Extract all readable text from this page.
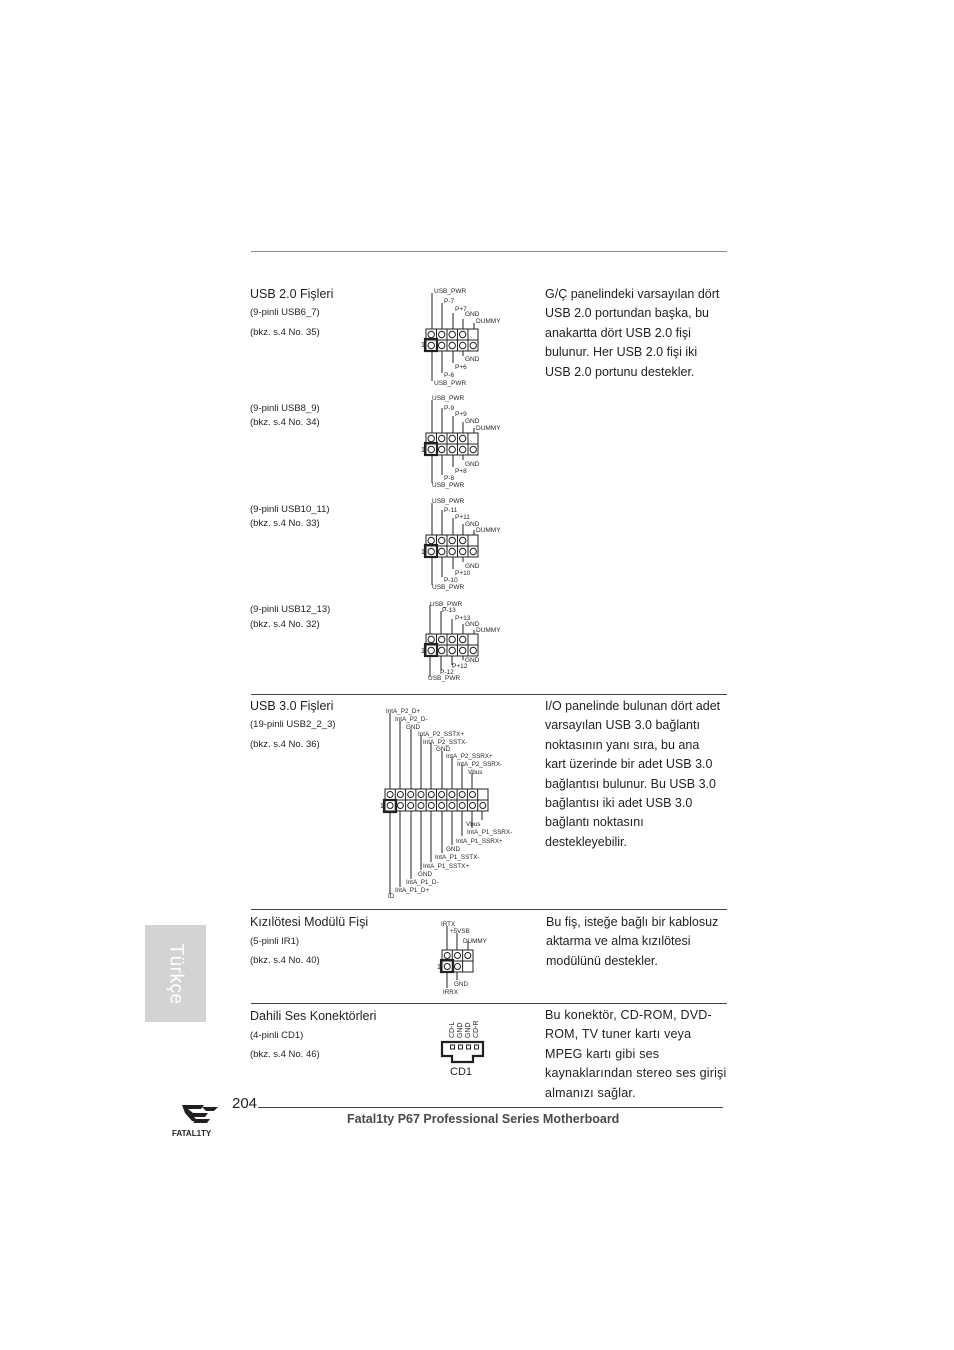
USB 2.0 Fişleri	G/Ç panelindeki varsayılan dört
USB 2.0 portundan başka, bu
anakartta dört USB 2.0 fişi
bulunur. Her USB 2.0 fişi iki
USB 2.0 portunu destekler.
(9-pinli USB6_7)
(bkz. s.4 No. 35)
(9-pinli USB8_9)
(bkz. s.4 No. 34)
(9-pinli USB10_11)
(bkz. s.4 No. 33)
(9-pinli USB12_13)
(bkz. s.4 No. 32)
1
USB_PWR
P-7
P+7
GND
DUMMY
GND
P+6
P-6
USB_PWR
1
USB_PWR
P-9
P+9
GND
DUMMY
GND
P+8
P-8
USB_PWR
1
USB_PWR
P-11
P+11
GND
DUMMY
GND
P+10
P-10
USB_PWR
1
USB_PWR
P-13
P+13
GND
DUMMY
GND
P+12
P-12
USB_PWR
USB 3.0 Fişleri
(19-pinli USB2_2_3)
(bkz. s.4 No. 36)
I/O panelinde bulunan dört adet
varsayılan USB 3.0 bağlantı
noktasının yanı sıra, bu ana
kart üzerinde bir adet USB 3.0
bağlantısı bulunur. Bu USB 3.0
bağlantısı iki adet USB 3.0
bağlantı noktasını
destekleyebilir.
1
IntA_P2_D+
IntA_P2_D-
GND
IntA_P2_SSTX+
IntA_P2_SSTX-
GND
IntA_P2_SSRX+
IntA_P2_SSRX-
Vbus
Vbus
IntA_P1_SSRX-
IntA_P1_SSRX+
GND
IntA_P1_SSTX-
IntA_P1_SSTX+
GND
IntA_P1_D-
IntA_P1_D+
ID
Kızılötesi Modülü Fişi
(5-pinli IR1)
(bkz. s.4 No. 40)
Bu fiş, isteğe bağlı bir kablosuz
aktarma ve alma kızılötesi
modülünü destekler.
1
IRTX
+5VSB
DUMMY
GND
IRRX
Dahili Ses Konektörleri
(4-pinli CD1)
(bkz. s.4 No. 46)
Bu konektör, CD-ROM, DVD-
ROM, TV tuner kartı veya
MPEG kartı gibi ses
kaynaklarından stereo ses girişi
almanızı sağlar.
CD-L GND GND CD-R
CD1
Türkçe
204
Fatal1ty P67 Professional Series Motherboard
FATAL1TY
